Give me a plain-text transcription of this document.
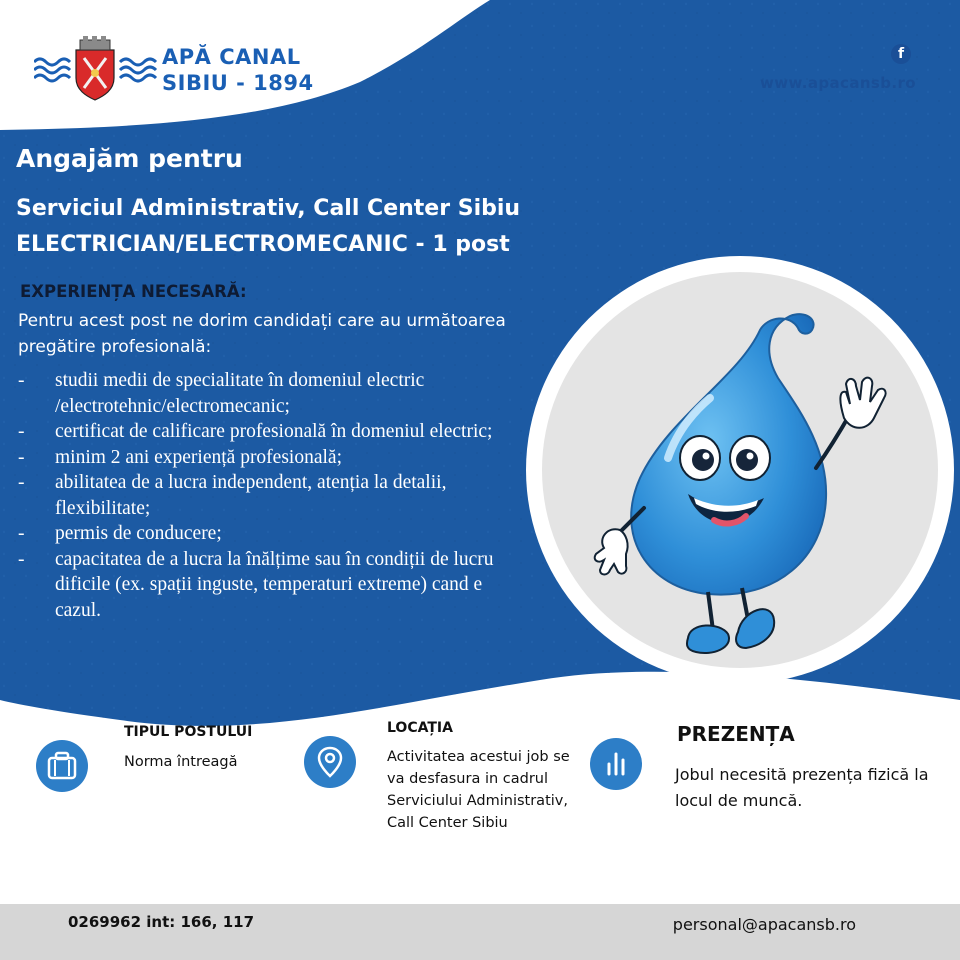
APĂ CANAL
SIBIU - 1894
f
www.apacansb.ro
Angajăm pentru
Serviciul Administrativ, Call Center Sibiu
ELECTRICIAN/ELECTROMECANIC - 1 post
EXPERIENȚA NECESARĂ:
Pentru acest post ne dorim candidați care au următoarea pregătire profesională:
- studii medii de specialitate în domeniul electric /electrotehnic/electromecanic;
- certificat de calificare profesională în domeniul electric;
- minim 2 ani experiență profesională;
- abilitatea de a lucra independent, atenția la detalii, flexibilitate;
- permis de conducere;
- capacitatea de a lucra la înălțime sau în condiții de lucru dificile (ex. spații inguste, temperaturi extreme) cand e cazul.
TIPUL POSTULUI
Norma întreagă
LOCAȚIA
Activitatea acestui job se va desfasura in cadrul Serviciului Administrativ, Call Center Sibiu
PREZENȚA
Jobul necesită prezența fizică la locul de muncă.
0269962 int: 166, 117	personal@apacansb.ro
